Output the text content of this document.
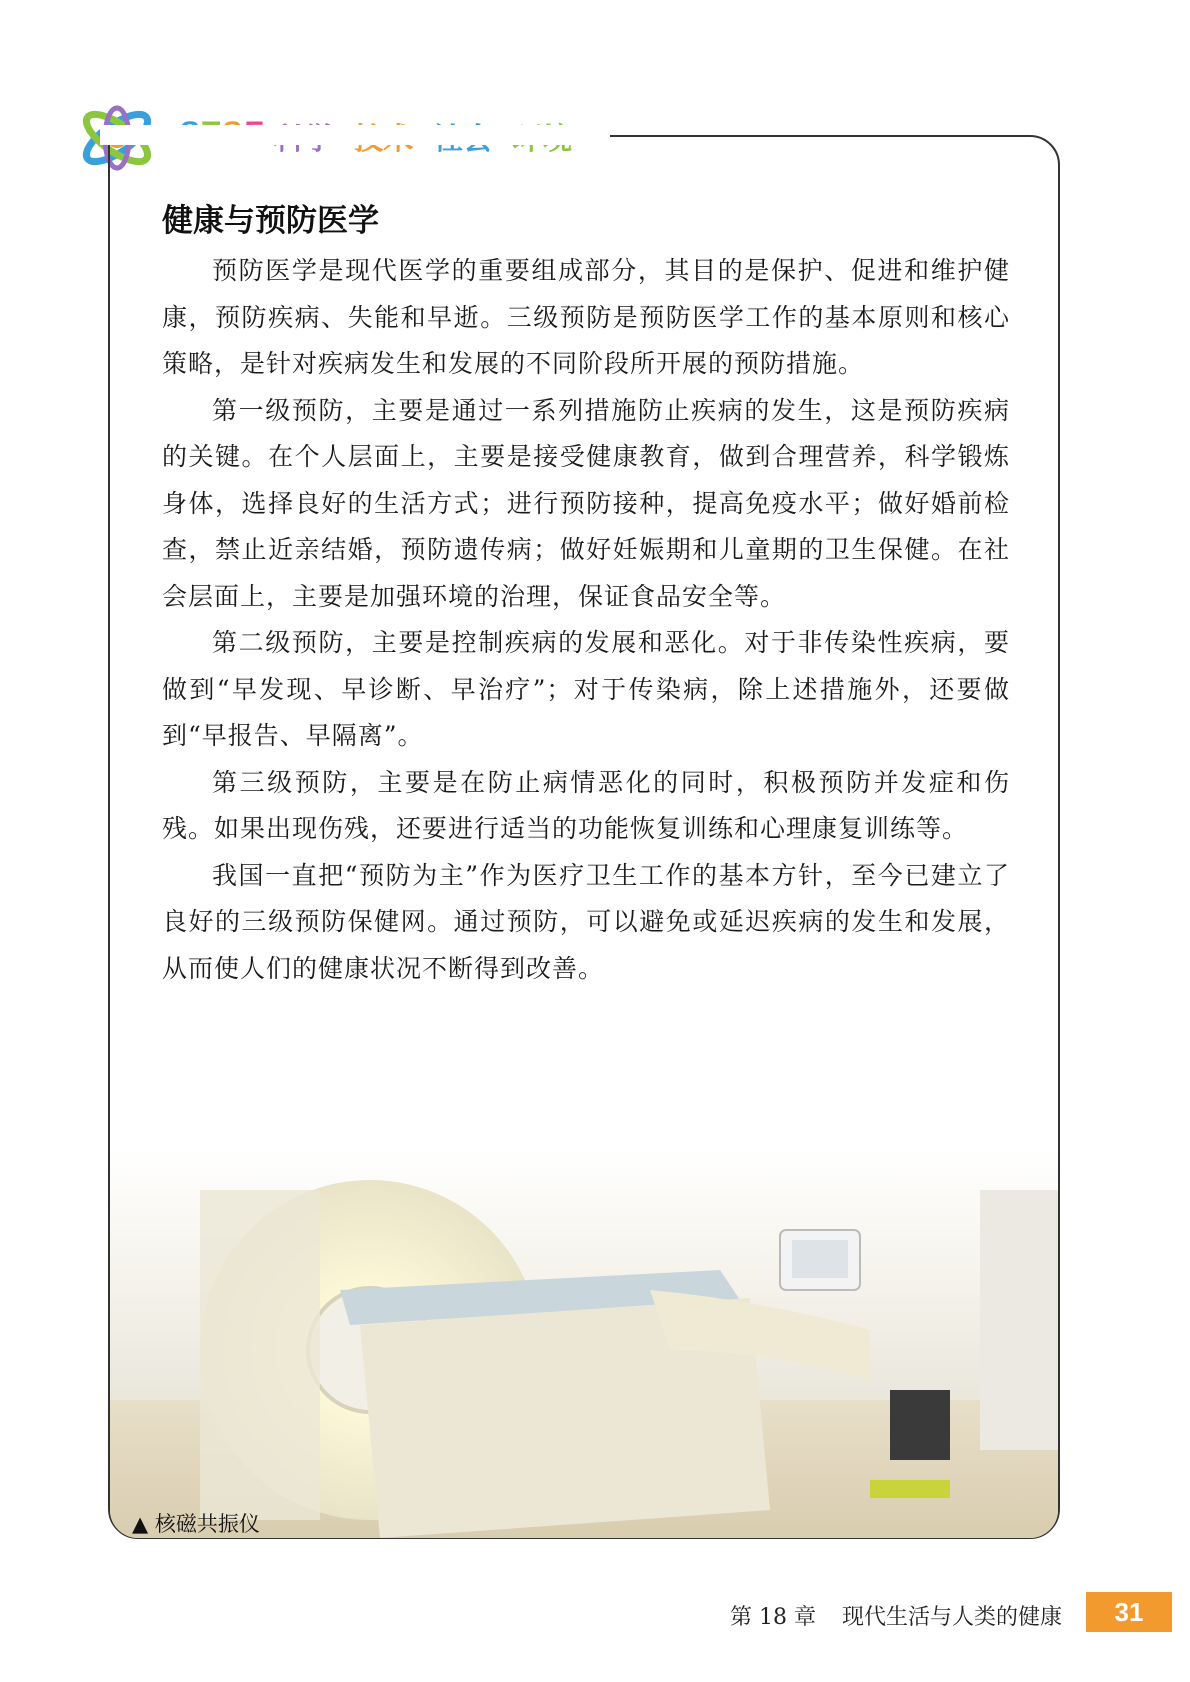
健康与预防医学

预防医学是现代医学的重要组成部分，其目的是保护、促进和维护健康，预防疾病、失能和早逝。三级预防是预防医学工作的基本原则和核心策略，是针对疾病发生和发展的不同阶段所开展的预防措施。

第一级预防，主要是通过一系列措施防止疾病的发生，这是预防疾病的关键。在个人层面上，主要是接受健康教育，做到合理营养，科学锻炼身体，选择良好的生活方式；进行预防接种，提高免疫水平；做好婚前检查，禁止近亲结婚，预防遗传病；做好妊娠期和儿童期的卫生保健。在社会层面上，主要是加强环境的治理，保证食品安全等。

第二级预防，主要是控制疾病的发展和恶化。对于非传染性疾病，要做到“早发现、早诊断、早治疗”；对于传染病，除上述措施外，还要做到“早报告、早隔离”。

第三级预防，主要是在防止病情恶化的同时，积极预防并发症和伤残。如果出现伤残，还要进行适当的功能恢复训练和心理康复训练等。

我国一直把“预防为主”作为医疗卫生工作的基本方针，至今已建立了良好的三级预防保健网。通过预防，可以避免或延迟疾病的发生和发展，从而使人们的健康状况不断得到改善。

▲ 核磁共振仪
第 18 章 现代生活与人类的健康	31
